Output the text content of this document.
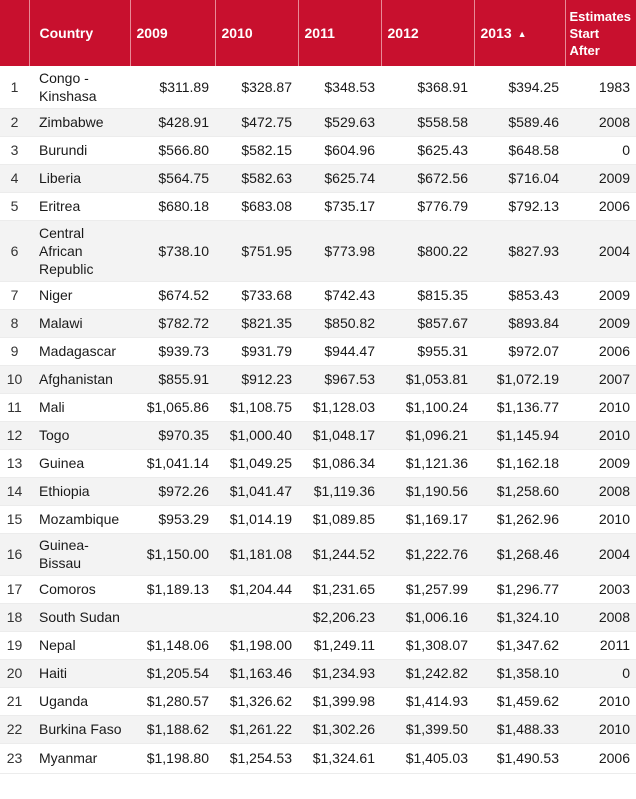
	Country	2009	2010	2011	2012	2013 ▲	Estimates Start After
1	Congo - Kinshasa	$311.89	$328.87	$348.53	$368.91	$394.25	1983
2	Zimbabwe	$428.91	$472.75	$529.63	$558.58	$589.46	2008
3	Burundi	$566.80	$582.15	$604.96	$625.43	$648.58	0
4	Liberia	$564.75	$582.63	$625.74	$672.56	$716.04	2009
5	Eritrea	$680.18	$683.08	$735.17	$776.79	$792.13	2006
6	Central African Republic	$738.10	$751.95	$773.98	$800.22	$827.93	2004
7	Niger	$674.52	$733.68	$742.43	$815.35	$853.43	2009
8	Malawi	$782.72	$821.35	$850.82	$857.67	$893.84	2009
9	Madagascar	$939.73	$931.79	$944.47	$955.31	$972.07	2006
10	Afghanistan	$855.91	$912.23	$967.53	$1,053.81	$1,072.19	2007
11	Mali	$1,065.86	$1,108.75	$1,128.03	$1,100.24	$1,136.77	2010
12	Togo	$970.35	$1,000.40	$1,048.17	$1,096.21	$1,145.94	2010
13	Guinea	$1,041.14	$1,049.25	$1,086.34	$1,121.36	$1,162.18	2009
14	Ethiopia	$972.26	$1,041.47	$1,119.36	$1,190.56	$1,258.60	2008
15	Mozambique	$953.29	$1,014.19	$1,089.85	$1,169.17	$1,262.96	2010
16	Guinea-Bissau	$1,150.00	$1,181.08	$1,244.52	$1,222.76	$1,268.46	2004
17	Comoros	$1,189.13	$1,204.44	$1,231.65	$1,257.99	$1,296.77	2003
18	South Sudan			$2,206.23	$1,006.16	$1,324.10	2008
19	Nepal	$1,148.06	$1,198.00	$1,249.11	$1,308.07	$1,347.62	2011
20	Haiti	$1,205.54	$1,163.46	$1,234.93	$1,242.82	$1,358.10	0
21	Uganda	$1,280.57	$1,326.62	$1,399.98	$1,414.93	$1,459.62	2010
22	Burkina Faso	$1,188.62	$1,261.22	$1,302.26	$1,399.50	$1,488.33	2010
23	Myanmar	$1,198.80	$1,254.53	$1,324.61	$1,405.03	$1,490.53	2006
